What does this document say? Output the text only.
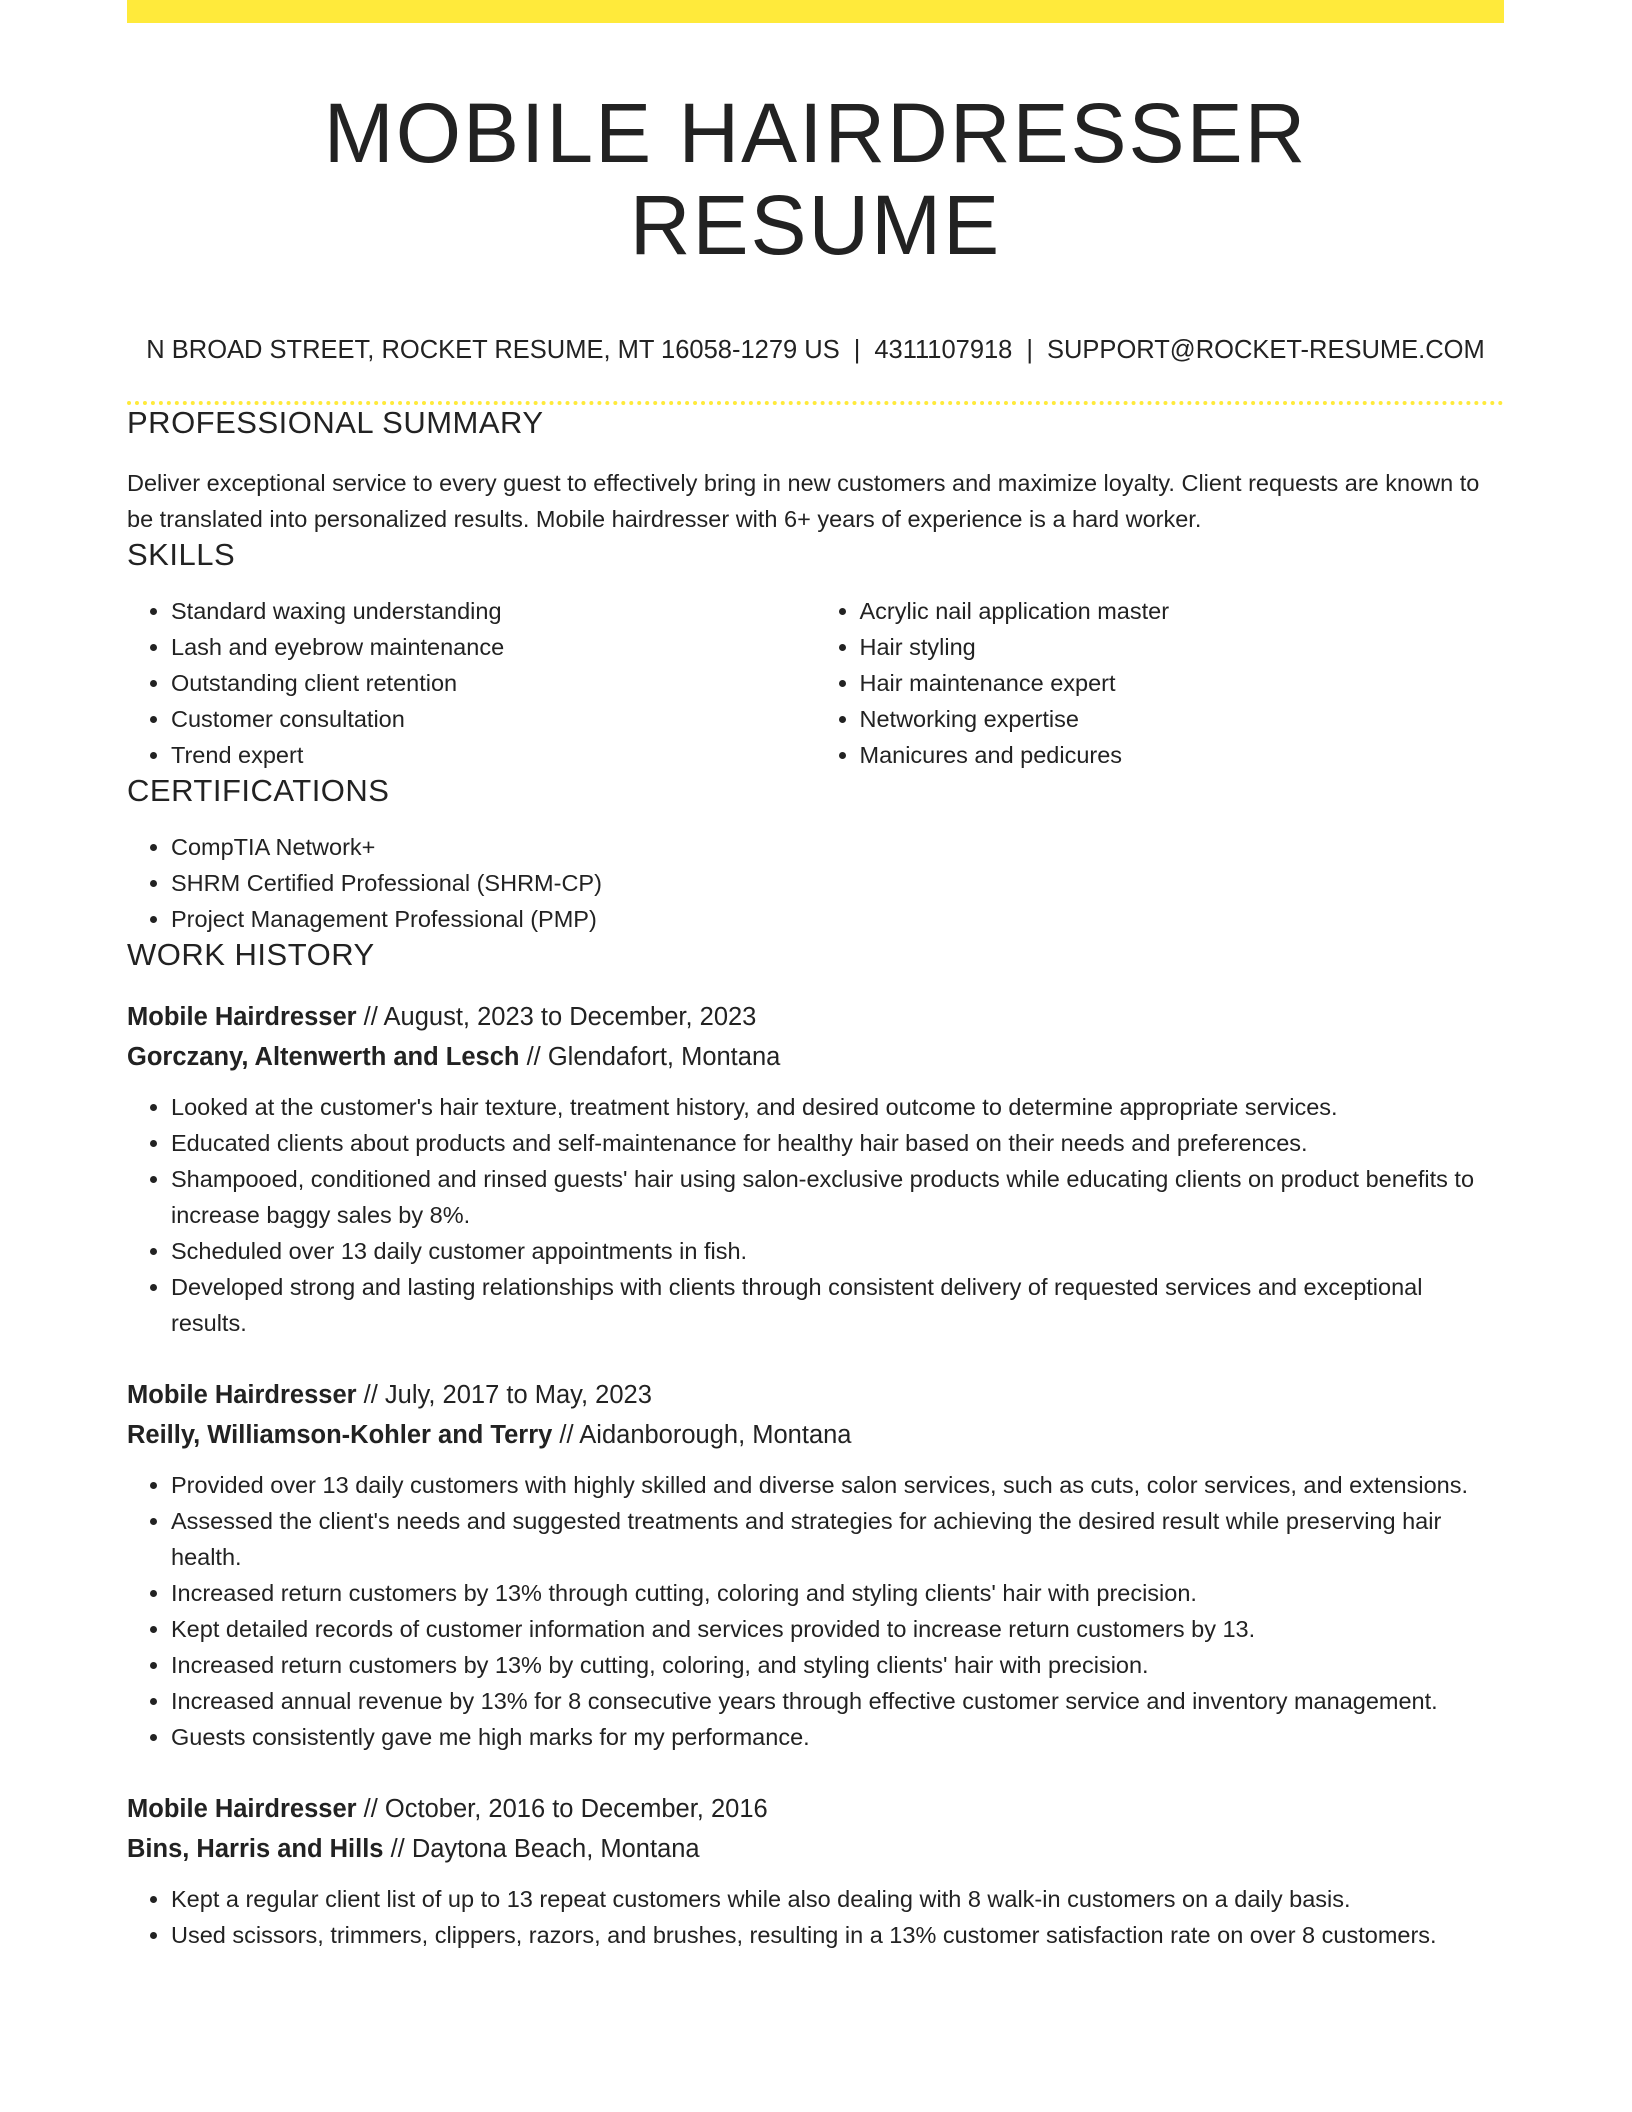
MOBILE HAIRDRESSER RESUME
N BROAD STREET, ROCKET RESUME, MT 16058-1279 US | 4311107918 | SUPPORT@ROCKET-RESUME.COM
PROFESSIONAL SUMMARY
Deliver exceptional service to every guest to effectively bring in new customers and maximize loyalty. Client requests are known to be translated into personalized results. Mobile hairdresser with 6+ years of experience is a hard worker.
SKILLS
• Standard waxing understanding
• Lash and eyebrow maintenance
• Outstanding client retention
• Customer consultation
• Trend expert
• Acrylic nail application master
• Hair styling
• Hair maintenance expert
• Networking expertise
• Manicures and pedicures
CERTIFICATIONS
• CompTIA Network+
• SHRM Certified Professional (SHRM-CP)
• Project Management Professional (PMP)
WORK HISTORY
Mobile Hairdresser // August, 2023 to December, 2023
Gorczany, Altenwerth and Lesch // Glendafort, Montana
• Looked at the customer's hair texture, treatment history, and desired outcome to determine appropriate services.
• Educated clients about products and self-maintenance for healthy hair based on their needs and preferences.
• Shampooed, conditioned and rinsed guests' hair using salon-exclusive products while educating clients on product benefits to increase baggy sales by 8%.
• Scheduled over 13 daily customer appointments in fish.
• Developed strong and lasting relationships with clients through consistent delivery of requested services and exceptional results.
Mobile Hairdresser // July, 2017 to May, 2023
Reilly, Williamson-Kohler and Terry // Aidanborough, Montana
• Provided over 13 daily customers with highly skilled and diverse salon services, such as cuts, color services, and extensions.
• Assessed the client's needs and suggested treatments and strategies for achieving the desired result while preserving hair health.
• Increased return customers by 13% through cutting, coloring and styling clients' hair with precision.
• Kept detailed records of customer information and services provided to increase return customers by 13.
• Increased return customers by 13% by cutting, coloring, and styling clients' hair with precision.
• Increased annual revenue by 13% for 8 consecutive years through effective customer service and inventory management.
• Guests consistently gave me high marks for my performance.
Mobile Hairdresser // October, 2016 to December, 2016
Bins, Harris and Hills // Daytona Beach, Montana
• Kept a regular client list of up to 13 repeat customers while also dealing with 8 walk-in customers on a daily basis.
• Used scissors, trimmers, clippers, razors, and brushes, resulting in a 13% customer satisfaction rate on over 8 customers.
